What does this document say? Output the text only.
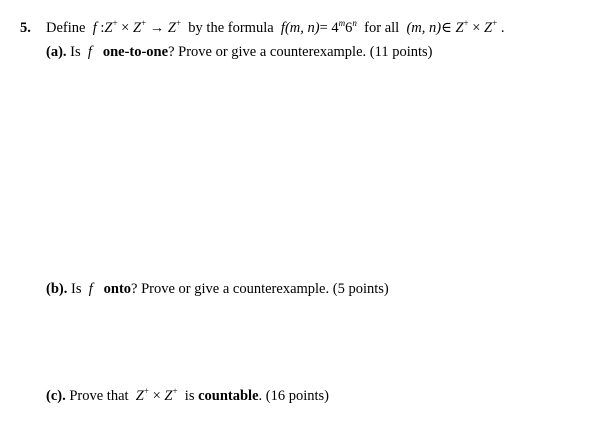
5. Define f :Z+ × Z+ → Z+ by the formula f(m, $n)= 4^m6^n$ for all (m, n)∈ Z+ × Z+ .
(a). Is f one-to-one? Prove or give a counterexample. (11 points)
(b). Is f onto? Prove or give a counterexample. (5 points)
(c). Prove that Z+ × Z+ is countable. (16 points)
